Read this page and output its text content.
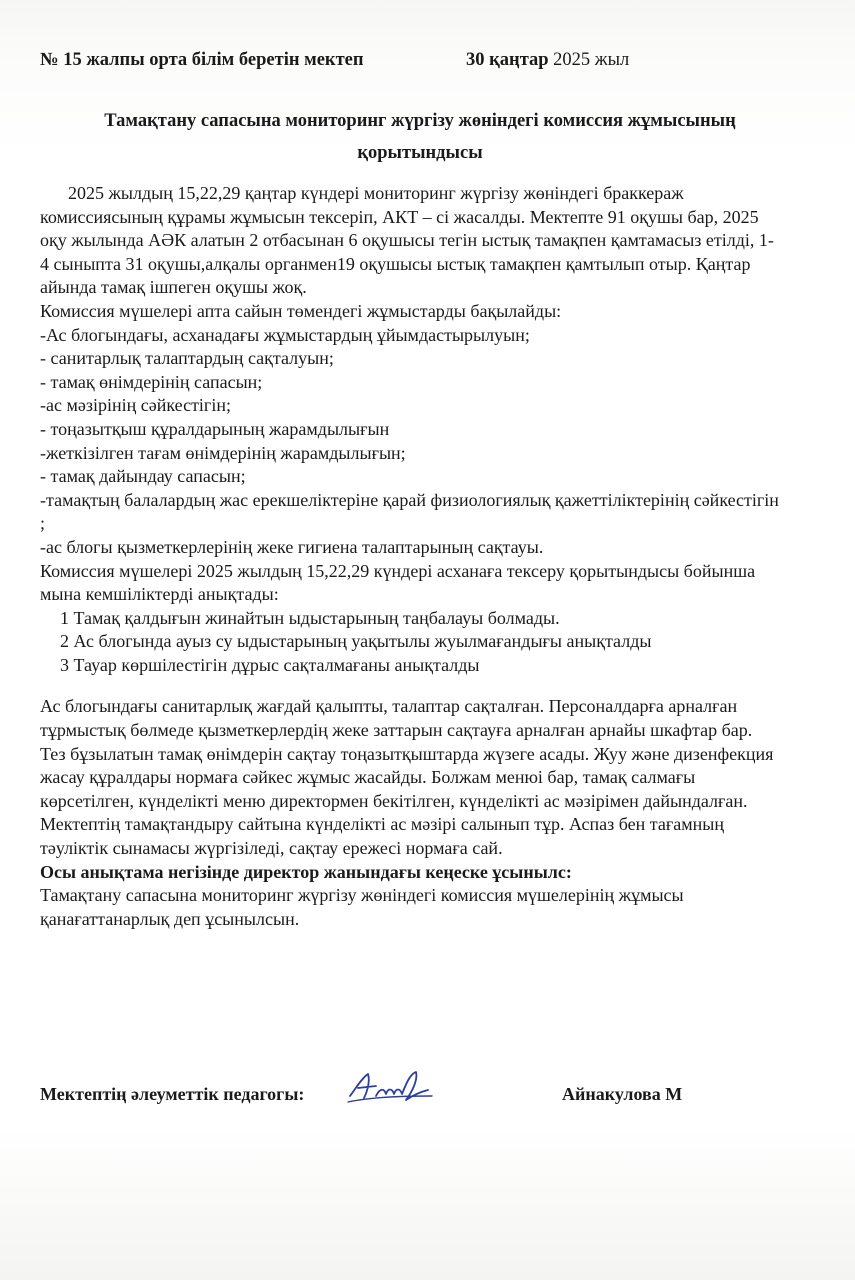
№ 15 жалпы орта білім беретін мектеп	30 қаңтар 2025 жыл
Тамақтану сапасына мониторинг жүргізу жөніндегі комиссия жұмысының
қорытындысы

2025 жылдың 15,22,29 қаңтар күндері мониторинг жүргізу жөніндегі браккераж комиссиясының құрамы жұмысын тексеріп, АКТ – сі жасалды. Мектепте 91 оқушы бар, 2025 оқу жылында АӘК алатын 2 отбасынан 6 оқушысы тегін ыстық тамақпен қамтамасыз етілді, 1-4 сыныпта 31 оқушы,алқалы органмен19 оқушысы ыстық тамақпен қамтылып отыр. Қаңтар айында тамақ ішпеген оқушы жоқ.

Комиссия мүшелері апта сайын төмендегі жұмыстарды бақылайды:

-Ас блогындағы, асханадағы жұмыстардың ұйымдастырылуын;

- санитарлық талаптардың сақталуын;

- тамақ өнімдерінің сапасын;

-ас мәзірінің сәйкестігін;

- тоңазытқыш құралдарының жарамдылығын

-жеткізілген тағам өнімдерінің жарамдылығын;

- тамақ дайындау сапасын;

-тамақтың балалардың жас ерекшеліктеріне қарай физиологиялық қажеттіліктерінің сәйкестігін ;

-ас блогы қызметкерлерінің жеке гигиена талаптарының сақтауы.

Комиссия мүшелері 2025 жылдың 15,22,29 күндері асханаға тексеру қорытындысы бойынша мына кемшіліктерді анықтады:

1 Тамақ қалдығын жинайтын ыдыстарының таңбалауы болмады.

2 Ас блогында ауыз су ыдыстарының уақытылы жуылмағандығы анықталды

3 Тауар көршілестігін дұрыс сақталмағаны анықталды

Ас блогындағы санитарлық жағдай қалыпты, талаптар сақталған. Персоналдарға арналған тұрмыстық бөлмеде қызметкерлердің жеке заттарын сақтауға арналған арнайы шкафтар бар. Тез бұзылатын тамақ өнімдерін сақтау тоңазытқыштарда жүзеге асады. Жуу және дизенфекция жасау құралдары нормаға сәйкес жұмыс жасайды. Болжам менюі бар, тамақ салмағы көрсетілген, күнделікті меню директормен бекітілген, күнделікті ас мәзірімен дайындалған. Мектептің тамақтандыру сайтына күнделікті ас мәзірі салынып тұр. Аспаз бен тағамның тәуліктік сынамасы жүргізіледі, сақтау ережесі нормаға сай.

Осы анықтама негізінде директор жанындағы кеңеске ұсынылс:

Тамақтану сапасына мониторинг жүргізу жөніндегі комиссия мүшелерінің жұмысы қанағаттанарлық деп ұсынылсын.

Мектептің әлеуметтік педагогы:	Айнакулова М
